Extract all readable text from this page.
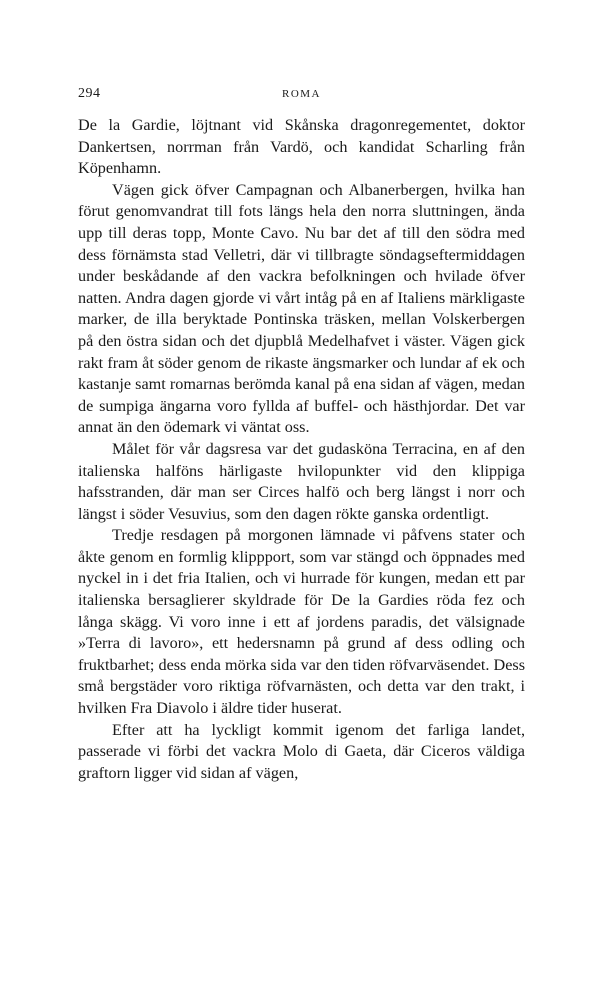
294	ROMA

De la Gardie, löjtnant vid Skånska dragonregementet, doktor Dankertsen, norrman från Vardö, och kandidat Scharling från Köpenhamn.

Vägen gick öfver Campagnan och Albanerbergen, hvilka han förut genomvandrat till fots längs hela den norra sluttningen, ända upp till deras topp, Monte Cavo. Nu bar det af till den södra med dess förnämsta stad Velletri, där vi tillbragte söndagseftermiddagen under beskådande af den vackra befolkningen och hvilade öfver natten. Andra dagen gjorde vi vårt intåg på en af Italiens märkligaste marker, de illa beryktade Pontinska träsken, mellan Volskerbergen på den östra sidan och det djupblå Medelhafvet i väster. Vägen gick rakt fram åt söder genom de rikaste ängsmarker och lundar af ek och kastanje samt romarnas berömda kanal på ena sidan af vägen, medan de sumpiga ängarna voro fyllda af buffel- och hästhjordar. Det var annat än den ödemark vi väntat oss.

Målet för vår dagsresa var det gudasköna Terracina, en af den italienska halföns härligaste hvilopunkter vid den klippiga hafsstranden, där man ser Circes halfö och berg längst i norr och längst i söder Vesuvius, som den dagen rökte ganska ordentligt.

Tredje resdagen på morgonen lämnade vi påfvens stater och åkte genom en formlig klippport, som var stängd och öppnades med nyckel in i det fria Italien, och vi hurrade för kungen, medan ett par italienska bersaglierer skyldrade för De la Gardies röda fez och långa skägg. Vi voro inne i ett af jordens paradis, det välsignade »Terra di lavoro», ett hedersnamn på grund af dess odling och fruktbarhet; dess enda mörka sida var den tiden röfvarväsendet. Dess små bergstäder voro riktiga röfvarnästen, och detta var den trakt, i hvilken Fra Diavolo i äldre tider huserat.

Efter att ha lyckligt kommit igenom det farliga landet, passerade vi förbi det vackra Molo di Gaeta, där Ciceros väldiga graftorn ligger vid sidan af vägen,
